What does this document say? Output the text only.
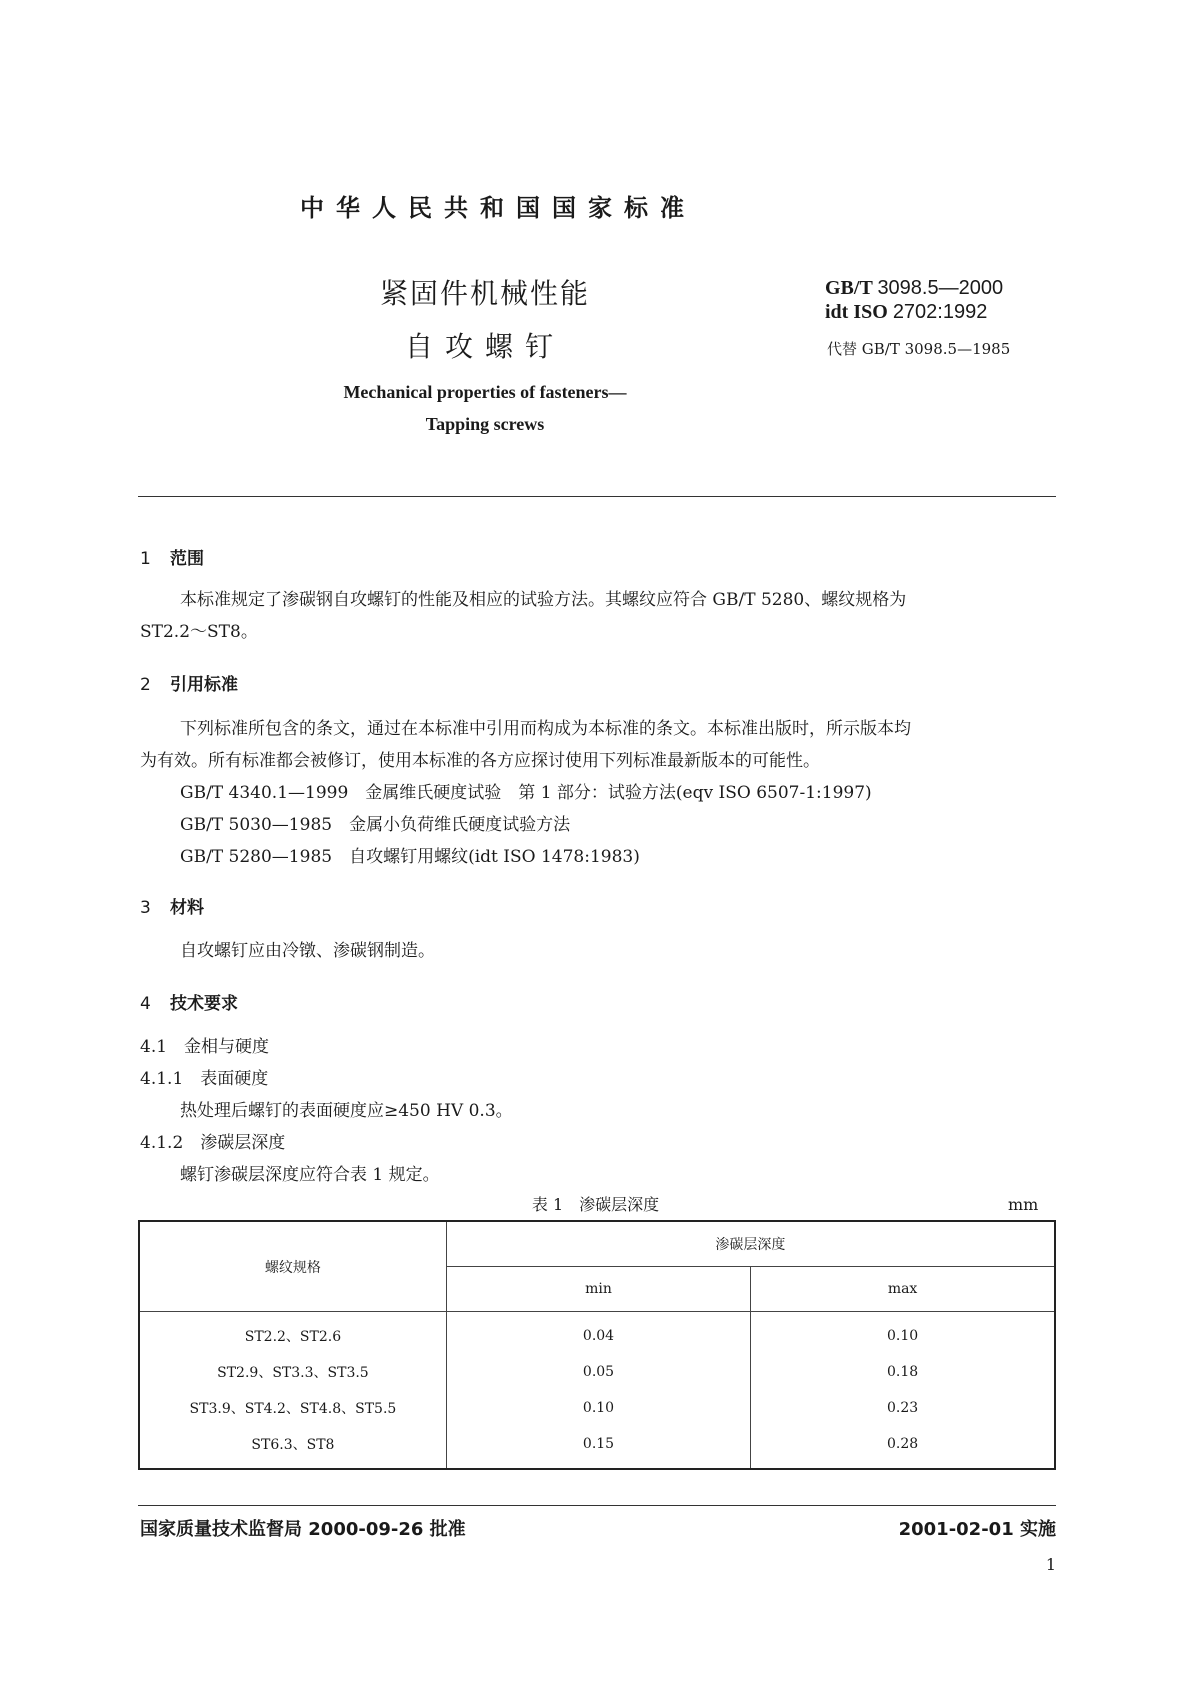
中华人民共和国国家标准
紧固件机械性能
自攻螺钉
GB/T 3098.5—2000
idt ISO 2702:1992
代替 GB/T 3098.5—1985
Mechanical properties of fasteners—
Tapping screws
1 范围
本标准规定了渗碳钢自攻螺钉的性能及相应的试验方法。其螺纹应符合 GB/T 5280、螺纹规格为
ST2.2～ST8。
2 引用标准
下列标准所包含的条文，通过在本标准中引用而构成为本标准的条文。本标准出版时，所示版本均
为有效。所有标准都会被修订，使用本标准的各方应探讨使用下列标准最新版本的可能性。
GB/T 4340.1—1999　金属维氏硬度试验　第 1 部分：试验方法(eqv ISO 6507-1:1997)
GB/T 5030—1985　金属小负荷维氏硬度试验方法
GB/T 5280—1985　自攻螺钉用螺纹(idt ISO 1478:1983)
3 材料
自攻螺钉应由冷镦、渗碳钢制造。
4 技术要求
4.1　金相与硬度
4.1.1　表面硬度
热处理后螺钉的表面硬度应≥450 HV 0.3。
4.1.2　渗碳层深度
螺钉渗碳层深度应符合表 1 规定。
表 1　渗碳层深度	mm
螺纹规格	渗碳层深度	
	min	max
ST2.2、ST2.6	0.04	0.10
ST2.9、ST3.3、ST3.5	0.05	0.18
ST3.9、ST4.2、ST4.8、ST5.5	0.10	0.23
ST6.3、ST8	0.15	0.28
国家质量技术监督局 2000-09-26 批准	2001-02-01 实施
1
